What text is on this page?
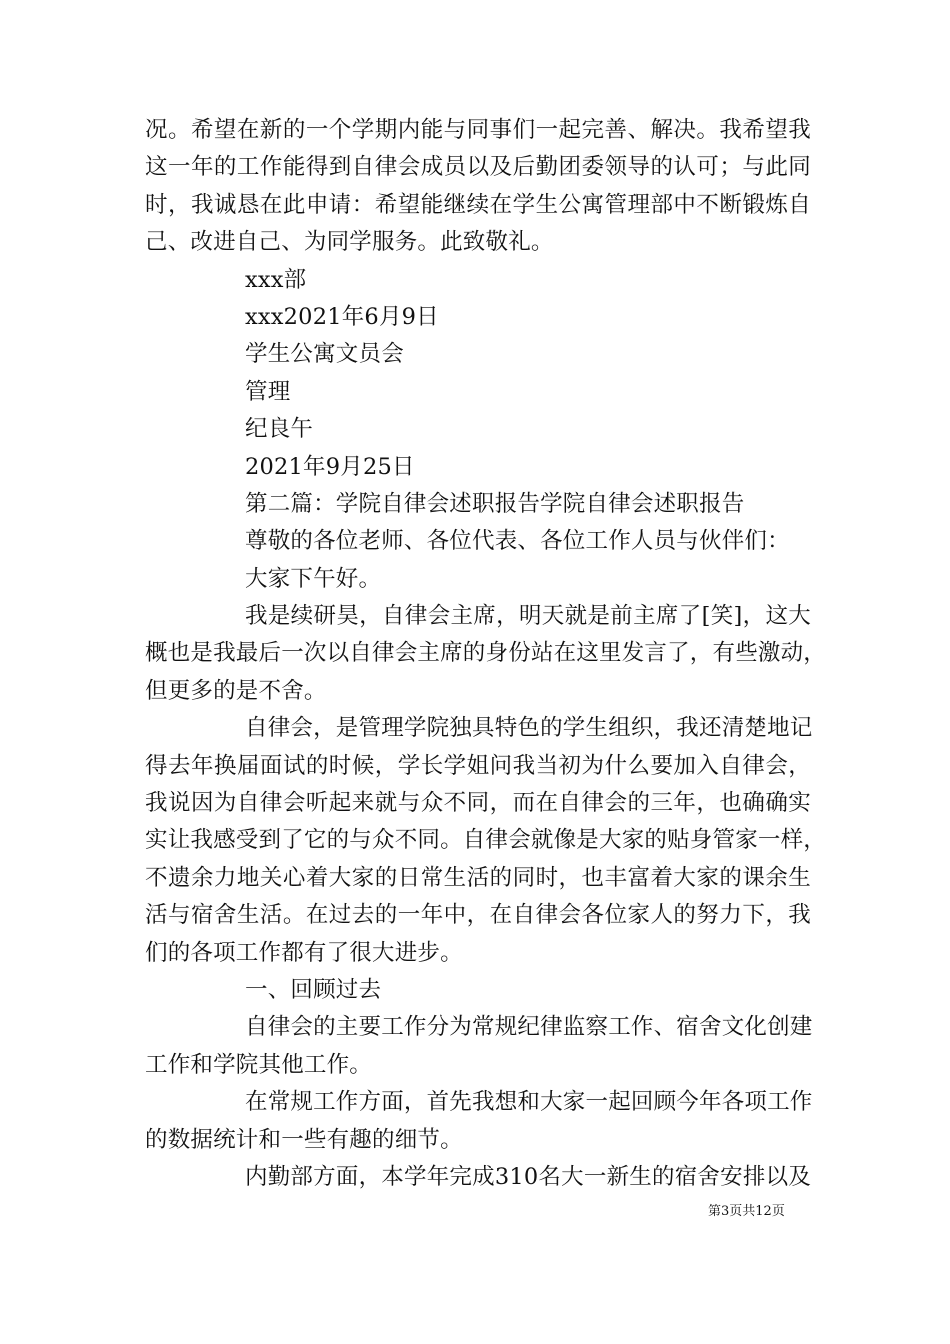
况。希望在新的一个学期内能与同事们一起完善、解决。我希望我
这一年的工作能得到自律会成员以及后勤团委领导的认可；与此同
时，我诚恳在此申请：希望能继续在学生公寓管理部中不断锻炼自
己、改进自己、为同学服务。此致敬礼。
xxx部
xxx2021年6月9日
学生公寓文员会
管理
纪良午
2021年9月25日
第二篇：学院自律会述职报告学院自律会述职报告
尊敬的各位老师、各位代表、各位工作人员与伙伴们：
大家下午好。
我是续研昊，自律会主席，明天就是前主席了[笑]，这大
概也是我最后一次以自律会主席的身份站在这里发言了，有些激动，
但更多的是不舍。
自律会，是管理学院独具特色的学生组织，我还清楚地记
得去年换届面试的时候，学长学姐问我当初为什么要加入自律会，
我说因为自律会听起来就与众不同，而在自律会的三年，也确确实
实让我感受到了它的与众不同。自律会就像是大家的贴身管家一样，
不遗余力地关心着大家的日常生活的同时，也丰富着大家的课余生
活与宿舍生活。在过去的一年中，在自律会各位家人的努力下，我
们的各项工作都有了很大进步。
一、回顾过去
自律会的主要工作分为常规纪律监察工作、宿舍文化创建
工作和学院其他工作。
在常规工作方面，首先我想和大家一起回顾今年各项工作
的数据统计和一些有趣的细节。
内勤部方面，本学年完成310名大一新生的宿舍安排以及
第3页共12页
